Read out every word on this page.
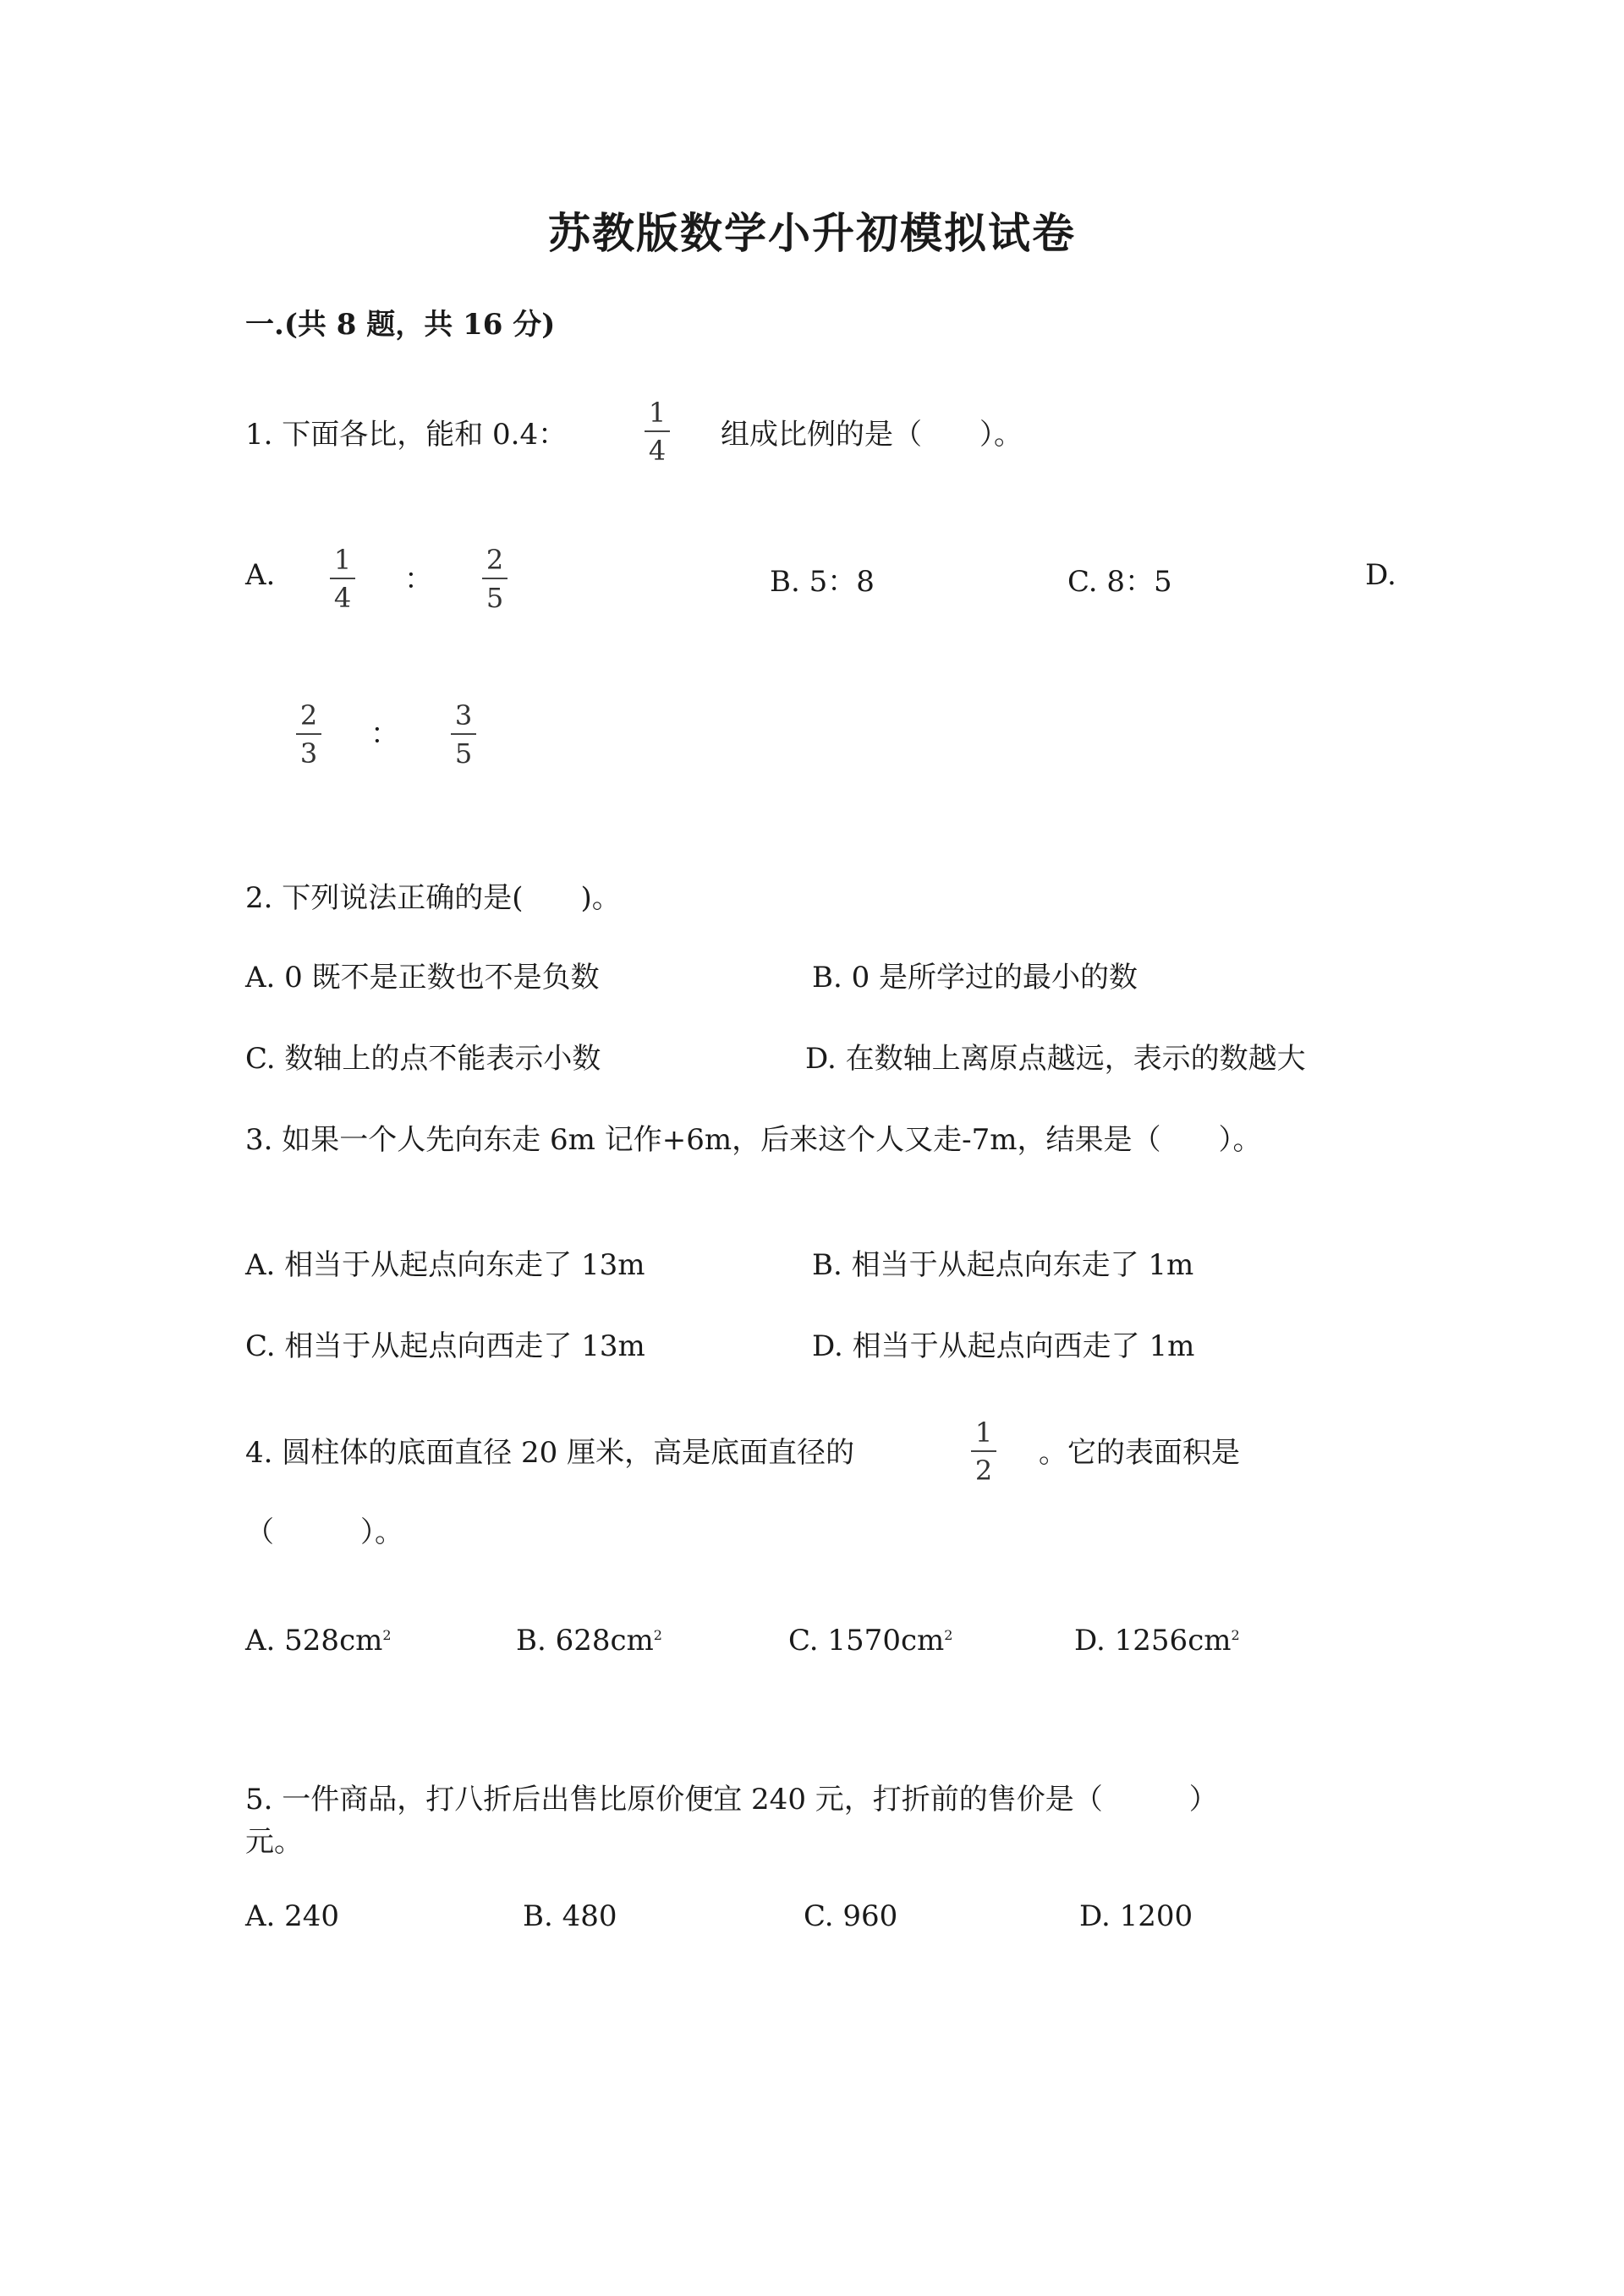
苏教版数学小升初模拟试卷
一.(共 8 题，共 16 分)
1. 下面各比，能和 0.4：
1
4 组成比例的是（　　）。
A. 1
4
：
2
5	B. 5：8	C. 8：5	D.
2
3
：
3
5
2. 下列说法正确的是(　　)。
A. 0 既不是正数也不是负数	B. 0 是所学过的最小的数
C. 数轴上的点不能表示小数	D. 在数轴上离原点越远，表示的数越大
3. 如果一个人先向东走 6m 记作+6m，后来这个人又走-7m，结果是（　　）。
A. 相当于从起点向东走了 13m	B. 相当于从起点向东走了 1m
C. 相当于从起点向西走了 13m	D. 相当于从起点向西走了 1m
4. 圆柱体的底面直径 20 厘米，高是底面直径的
1
2
。它的表面积是
（　　　）。
A. $528cm^2$	B. $628cm^2$	C. $1570cm^2$	D. $1256cm^2$
5. 一件商品，打八折后出售比原价便宜 240 元，打折前的售价是（　　　）
元。
A. 240	B. 480	C. 960	D. 1200
